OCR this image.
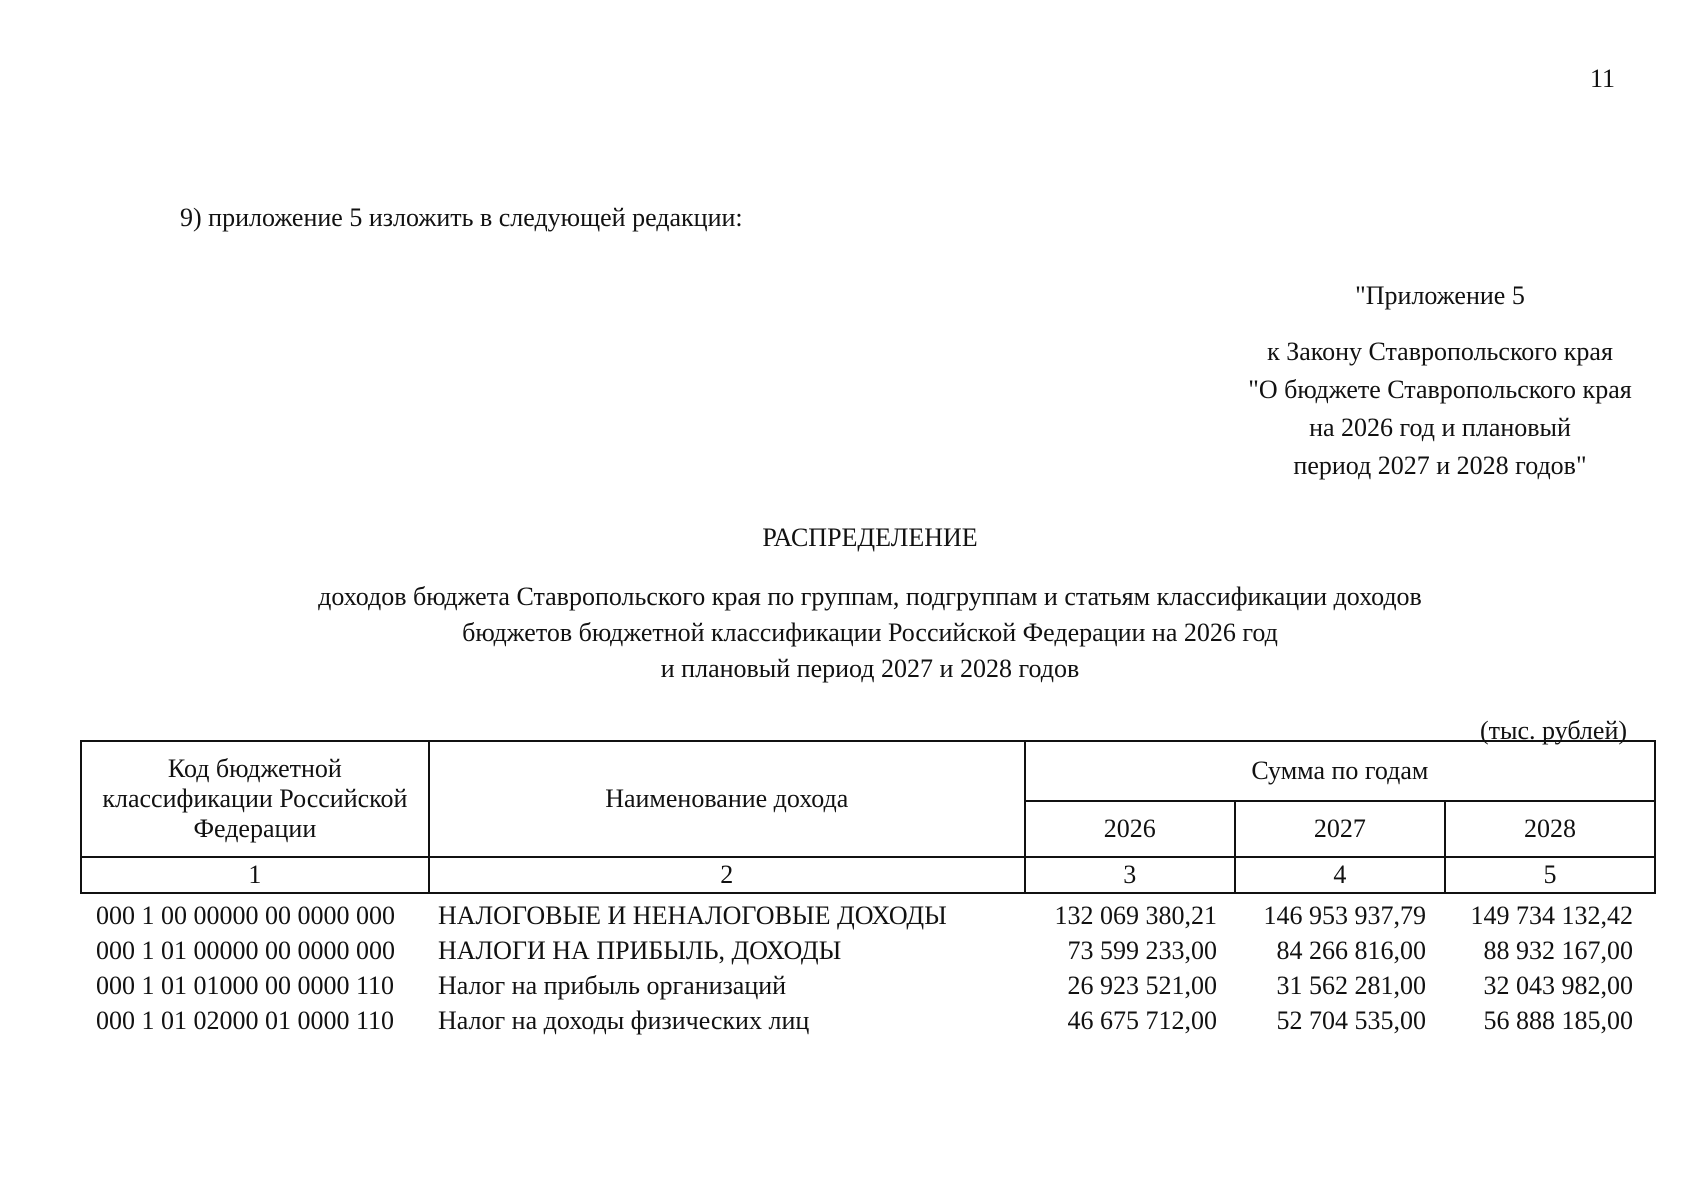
11
9) приложение 5 изложить в следующей редакции:
"Приложение 5
к Закону Ставропольского края
"О бюджете Ставропольского края
на 2026 год и плановый
период 2027 и 2028 годов"
РАСПРЕДЕЛЕНИЕ
доходов бюджета Ставропольского края по группам, подгруппам и статьям классификации доходов
бюджетов бюджетной классификации Российской Федерации на 2026 год
и плановый период 2027 и 2028 годов
(тыс. рублей)
Код бюджетной классификации Российской Федерации	Наименование дохода	Сумма по годам		
		2026	2027	2028
1	2	3	4	5
000 1 00 00000 00 0000 000	НАЛОГОВЫЕ И НЕНАЛОГОВЫЕ ДОХОДЫ	132 069 380,21	146 953 937,79	149 734 132,42
000 1 01 00000 00 0000 000	НАЛОГИ НА ПРИБЫЛЬ, ДОХОДЫ	73 599 233,00	84 266 816,00	88 932 167,00
000 1 01 01000 00 0000 110	Налог на прибыль организаций	26 923 521,00	31 562 281,00	32 043 982,00
000 1 01 02000 01 0000 110	Налог на доходы физических лиц	46 675 712,00	52 704 535,00	56 888 185,00
